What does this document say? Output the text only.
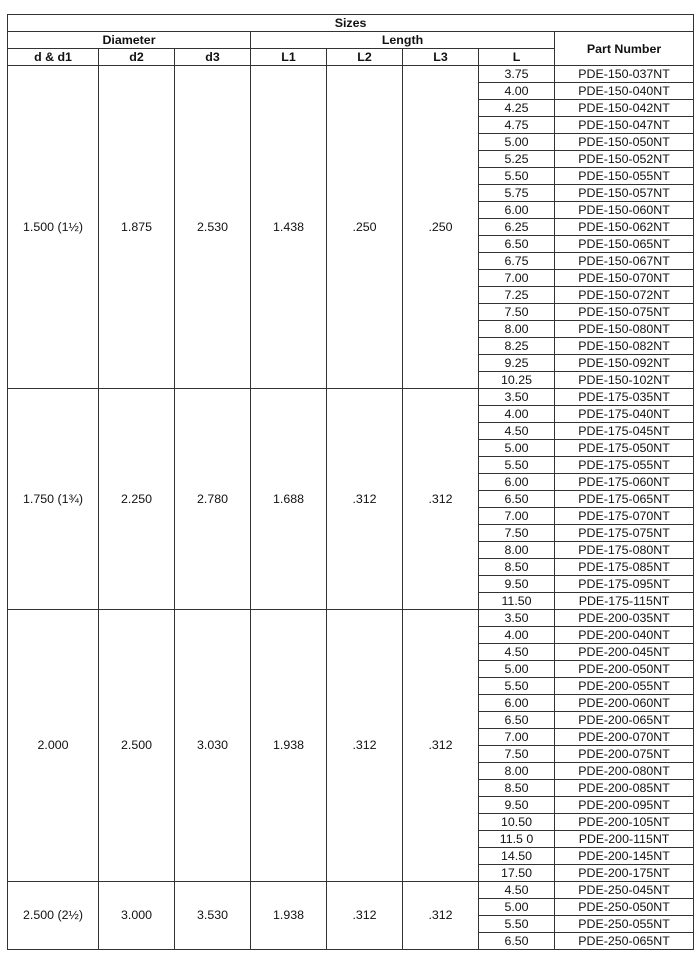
Sizes							
Diameter			Length				Part Number
d & d1	d2	d3	L1	L2	L3	L	
1.500 (1½)	1.875	2.530	1.438	.250	.250	3.75	PDE-150-037NT
						4.00	PDE-150-040NT
						4.25	PDE-150-042NT
						4.75	PDE-150-047NT
						5.00	PDE-150-050NT
						5.25	PDE-150-052NT
						5.50	PDE-150-055NT
						5.75	PDE-150-057NT
						6.00	PDE-150-060NT
						6.25	PDE-150-062NT
						6.50	PDE-150-065NT
						6.75	PDE-150-067NT
						7.00	PDE-150-070NT
						7.25	PDE-150-072NT
						7.50	PDE-150-075NT
						8.00	PDE-150-080NT
						8.25	PDE-150-082NT
						9.25	PDE-150-092NT
						10.25	PDE-150-102NT
1.750 (1¾)	2.250	2.780	1.688	.312	.312	3.50	PDE-175-035NT
						4.00	PDE-175-040NT
						4.50	PDE-175-045NT
						5.00	PDE-175-050NT
						5.50	PDE-175-055NT
						6.00	PDE-175-060NT
						6.50	PDE-175-065NT
						7.00	PDE-175-070NT
						7.50	PDE-175-075NT
						8.00	PDE-175-080NT
						8.50	PDE-175-085NT
						9.50	PDE-175-095NT
						11.50	PDE-175-115NT
2.000	2.500	3.030	1.938	.312	.312	3.50	PDE-200-035NT
						4.00	PDE-200-040NT
						4.50	PDE-200-045NT
						5.00	PDE-200-050NT
						5.50	PDE-200-055NT
						6.00	PDE-200-060NT
						6.50	PDE-200-065NT
						7.00	PDE-200-070NT
						7.50	PDE-200-075NT
						8.00	PDE-200-080NT
						8.50	PDE-200-085NT
						9.50	PDE-200-095NT
						10.50	PDE-200-105NT
						11.5 0	PDE-200-115NT
						14.50	PDE-200-145NT
						17.50	PDE-200-175NT
2.500 (2½)	3.000	3.530	1.938	.312	.312	4.50	PDE-250-045NT
						5.00	PDE-250-050NT
						5.50	PDE-250-055NT
						6.50	PDE-250-065NT
